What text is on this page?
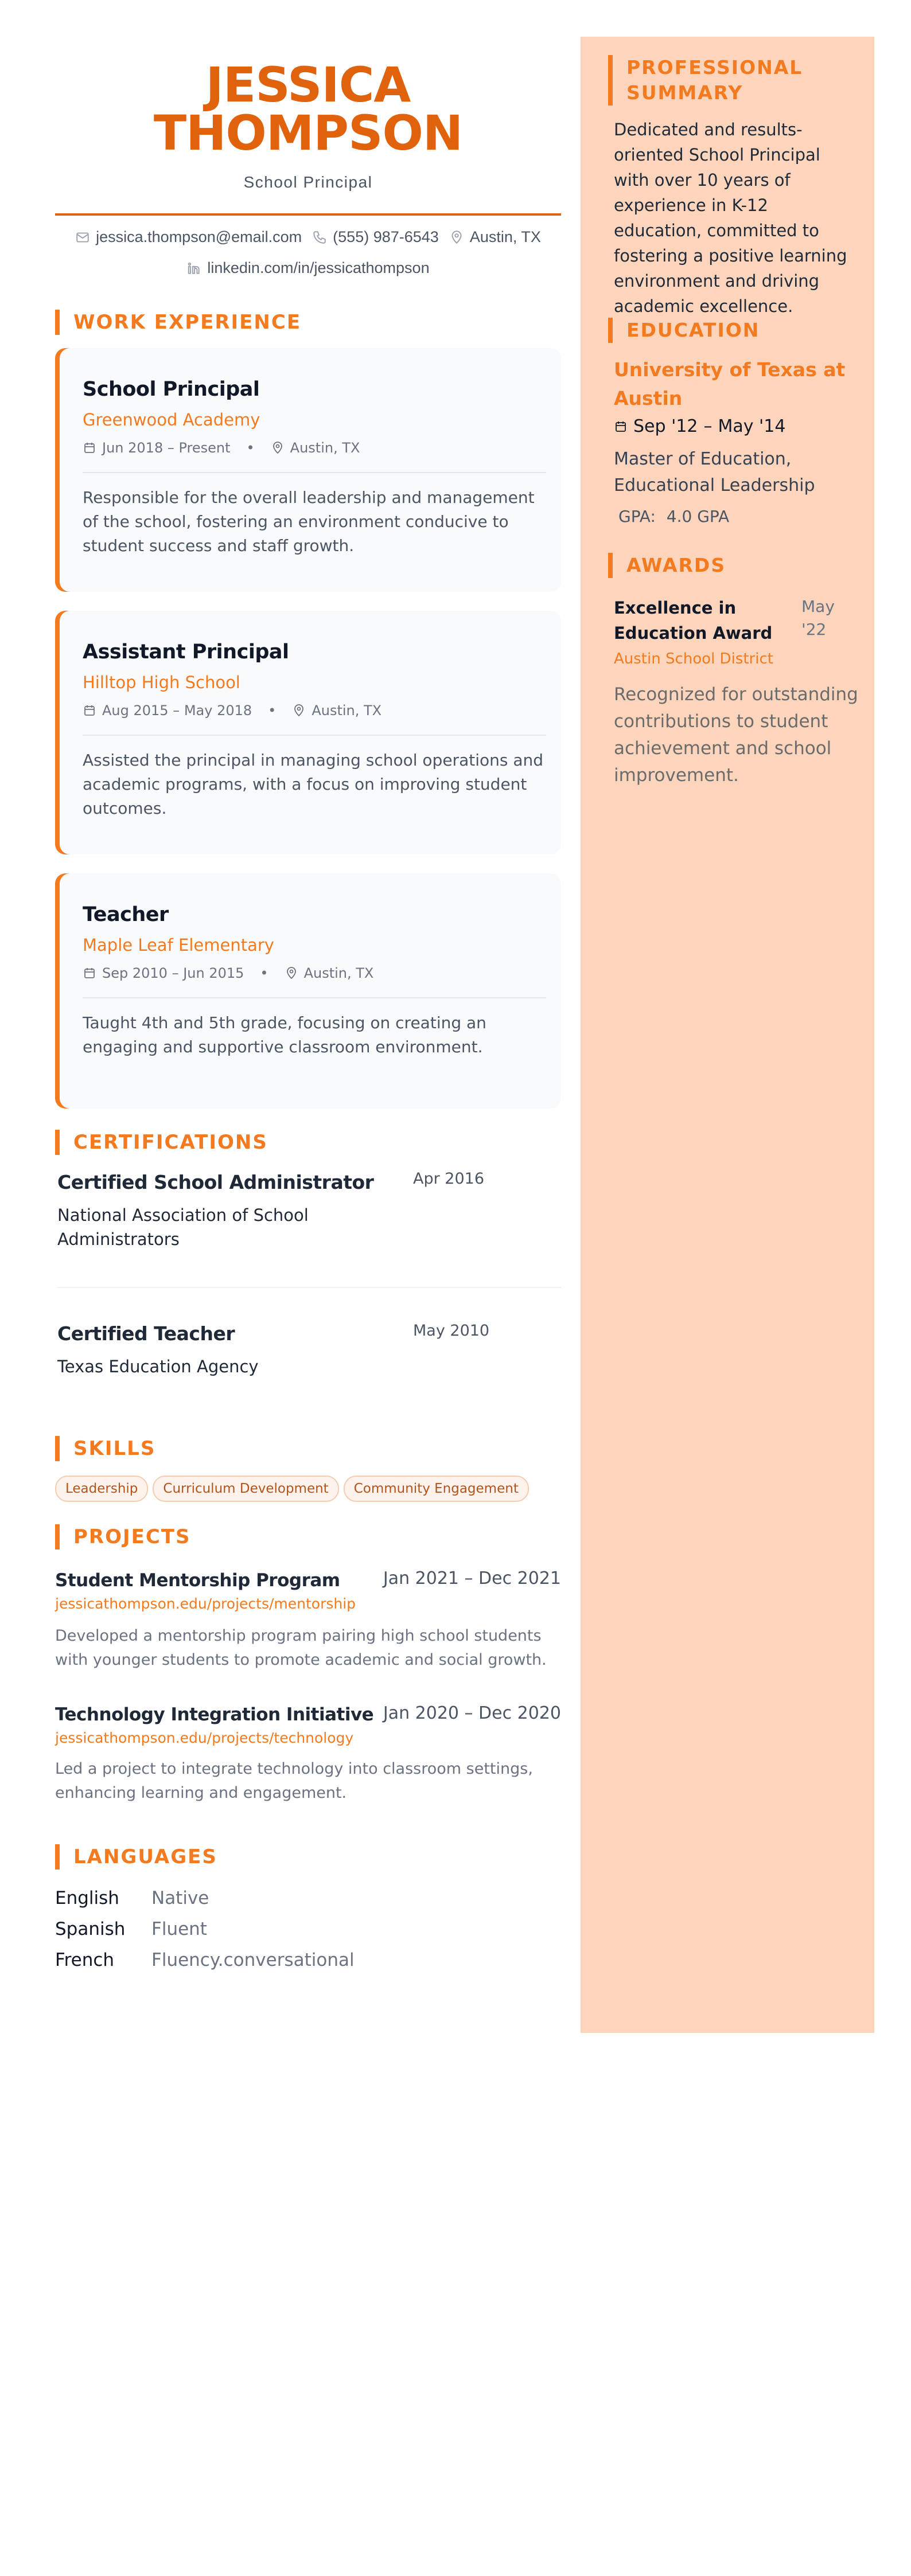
JESSICA
THOMPSON
School Principal
jessica.thompson@email.com (555) 987-6543 Austin, TX
linkedin.com/in/jessicathompson
WORK EXPERIENCE
School Principal
Greenwood Academy
Jun 2018 – Present •	Austin, TX
Responsible for the overall leadership and management of the school, fostering an environment conducive to student success and staff growth.
Assistant Principal
Hilltop High School
Aug 2015 – May 2018 •	Austin, TX
Assisted the principal in managing school operations and academic programs, with a focus on improving student outcomes.
Teacher
Maple Leaf Elementary
Sep 2010 – Jun 2015 •	Austin, TX
Taught 4th and 5th grade, focusing on creating an engaging and supportive classroom environment.
CERTIFICATIONS
Certified School Administrator	Apr 2016
National Association of School Administrators
Certified Teacher	May 2010
Texas Education Agency
SKILLS
Leadership	Curriculum Development	Community Engagement
PROJECTS
Student Mentorship Program	Jan 2021 – Dec 2021
jessicathompson.edu/projects/mentorship
Developed a mentorship program pairing high school students with younger students to promote academic and social growth.
Technology Integration Initiative Jan 2020 – Dec 2020
jessicathompson.edu/projects/technology
Led a project to integrate technology into classroom settings, enhancing learning and engagement.
LANGUAGES
English	Native
Spanish	Fluent
French	Fluency.conversational
PROFESSIONAL SUMMARY
Dedicated and results-oriented School Principal with over 10 years of experience in K-12 education, committed to fostering a positive learning environment and driving academic excellence.
EDUCATION
University of Texas at Austin
Sep '12 – May '14
Master of Education, Educational Leadership
GPA: 4.0 GPA
AWARDS
Excellence in Education Award
May '22
Austin School District
Recognized for outstanding contributions to student achievement and school improvement.
